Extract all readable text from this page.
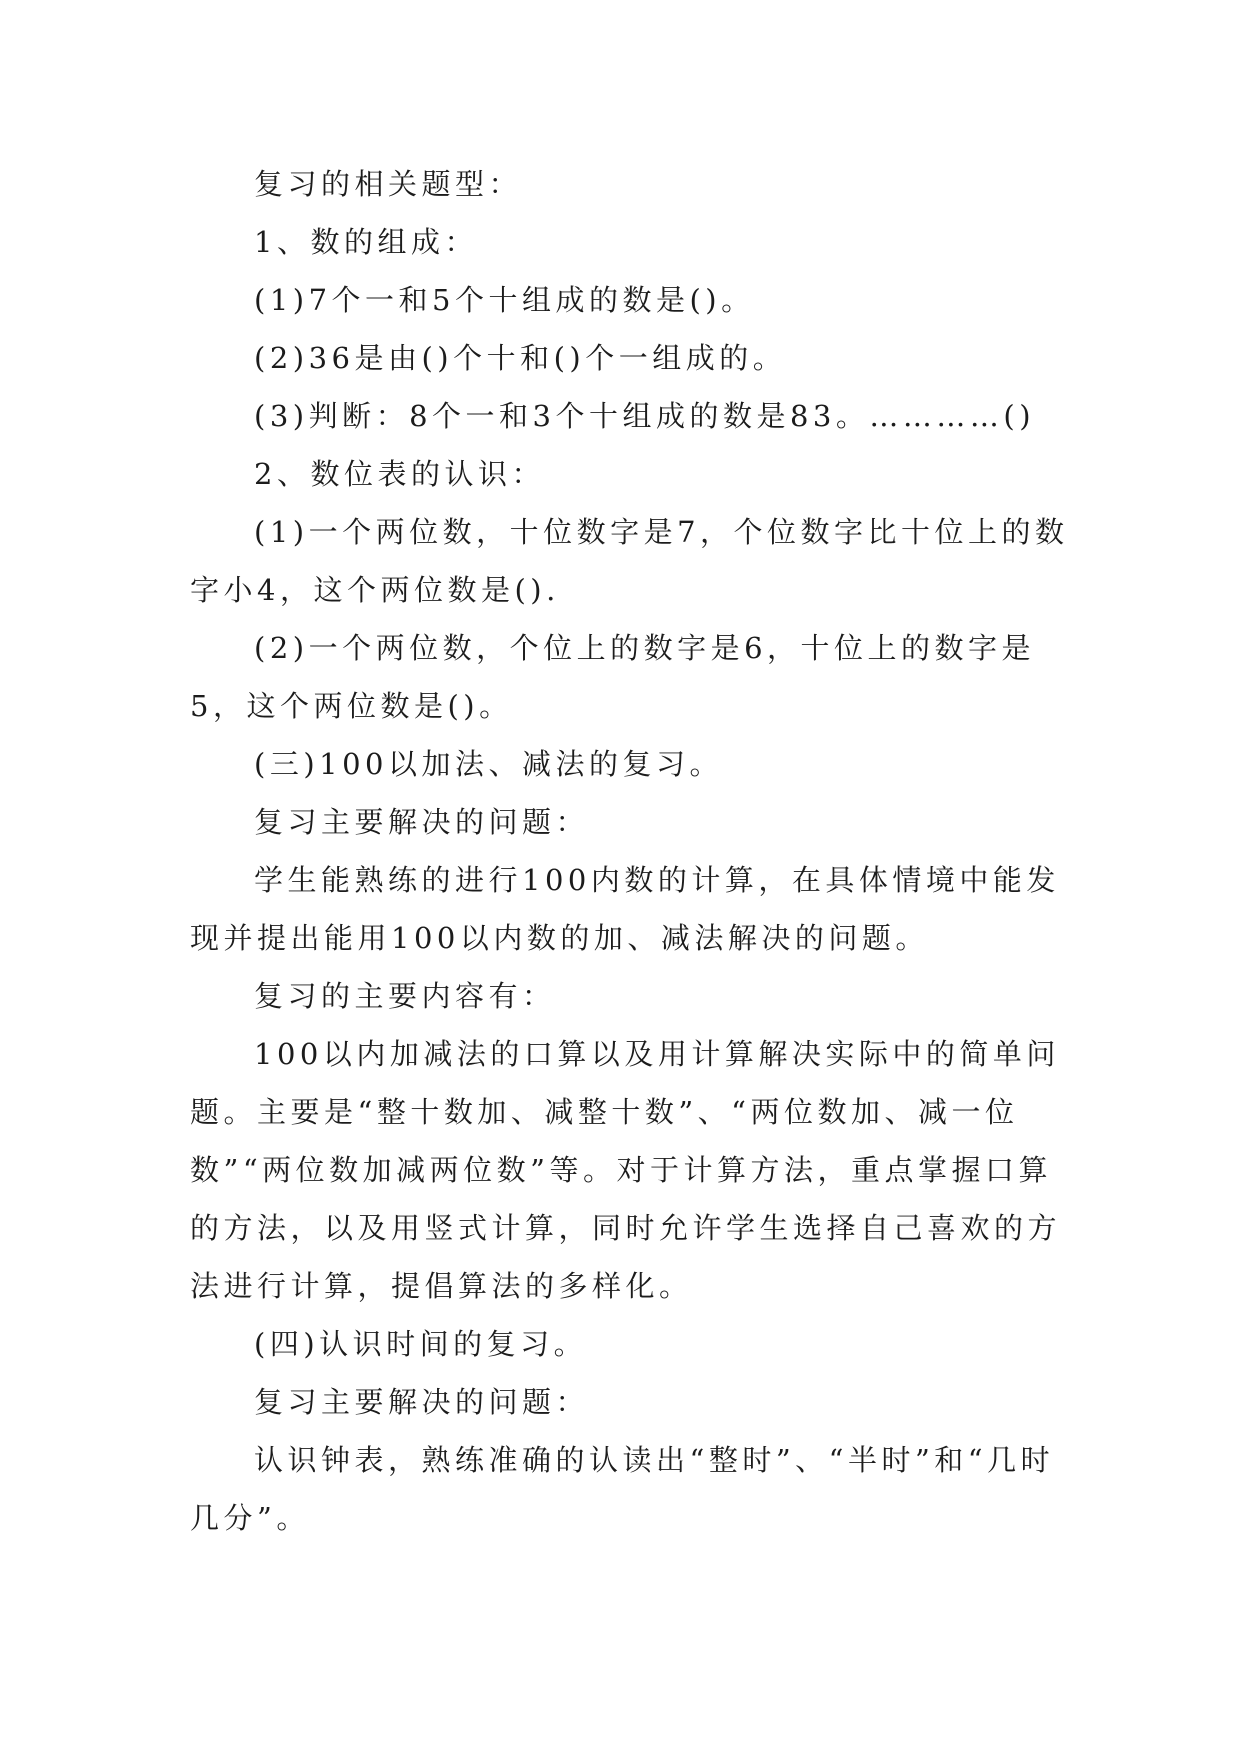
复习的相关题型：

1、数的组成：

(1)7个一和5个十组成的数是()。

(2)36是由()个十和()个一组成的。

(3)判断：8个一和3个十组成的数是83。…………()

2、数位表的认识：

(1)一个两位数，十位数字是7，个位数字比十位上的数字小4，这个两位数是().

(2)一个两位数，个位上的数字是6，十位上的数字是5，这个两位数是()。

(三)100以加法、减法的复习。

复习主要解决的问题：

学生能熟练的进行100内数的计算，在具体情境中能发现并提出能用100以内数的加、减法解决的问题。

复习的主要内容有：

100以内加减法的口算以及用计算解决实际中的简单问题。主要是“整十数加、减整十数”、“两位数加、减一位数”“两位数加减两位数”等。对于计算方法，重点掌握口算的方法，以及用竖式计算，同时允许学生选择自己喜欢的方法进行计算，提倡算法的多样化。

(四)认识时间的复习。

复习主要解决的问题：

认识钟表，熟练准确的认读出“整时”、“半时”和“几时几分”。
